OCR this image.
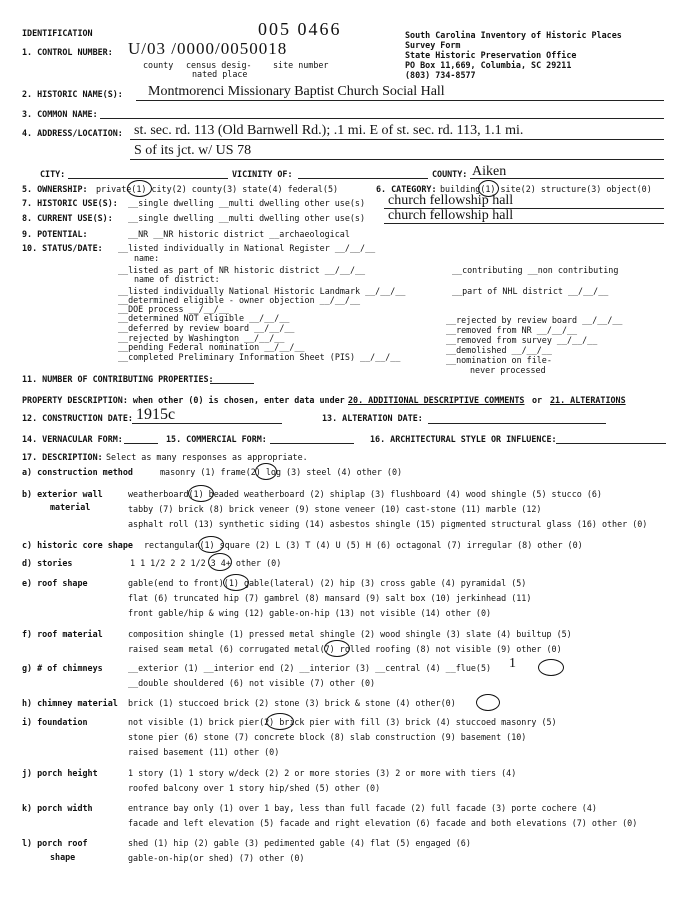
IDENTIFICATION	005 0466	South Carolina Inventory of Historic Places
Survey Form
State Historic Preservation Office
PO Box 11,669, Columbia, SC 29211
(803) 734-8577
1. CONTROL NUMBER: U/03 /0000/0050018
county census desig-
nated place
site number
2. HISTORIC NAME(S): Montmorenci Missionary Baptist Church Social Hall
3. COMMON NAME:
4. ADDRESS/LOCATION: st. sec. rd. 113 (Old Barnwell Rd.); .1 mi. E of st. sec. rd. 113, 1.1 mi.
S of its jct. w/ US 78
CITY:	VICINITY OF:	COUNTY: Aiken
5. OWNERSHIP: private(1) city(2) county(3) state(4) federal(5)	6. CATEGORY: building(1) site(2) structure(3) object(0)
7. HISTORIC USE(S): __single dwelling __multi dwelling other use(s) church fellowship hall
8. CURRENT USE(S): __single dwelling __multi dwelling other use(s) church fellowship hall
9. POTENTIAL:	__NR __NR historic district __archaeological
10. STATUS/DATE: __listed individually in National Register __/__/__
name:
__listed as part of NR historic district __/__/__
name of district:
__listed individually National Historic Landmark __/__/__
__determined eligible - owner objection __/__/__
__DOE process __/__/__
__determined NOT eligible __/__/__
__deferred by review board __/__/__
__rejected by Washington __/__/__
__pending Federal nomination __/__/__
__completed Preliminary Information Sheet (PIS) __/__/__
__contributing __non contributing
__part of NHL district __/__/__
__rejected by review board __/__/__
__removed from NR __/__/__
__removed from survey __/__/__
__demolished __/__/__
__nomination on file-
never processed
11. NUMBER OF CONTRIBUTING PROPERTIES:
PROPERTY DESCRIPTION: when other (0) is chosen, enter data under 20. ADDITIONAL DESCRIPTIVE COMMENTS or 21. ALTERATIONS
12. CONSTRUCTION DATE: 1915c	13. ALTERATION DATE:
14. VERNACULAR FORM:	15. COMMERCIAL FORM:	16. ARCHITECTURAL STYLE OR INFLUENCE:
17. DESCRIPTION: Select as many responses as appropriate.
a) construction method	masonry (1) frame(2) log (3) steel (4) other (0)
b) exterior wall
material
weatherboard(1) beaded weatherboard (2) shiplap (3) flushboard (4) wood shingle (5) stucco (6)
tabby (7) brick (8) brick veneer (9) stone veneer (10) cast-stone (11) marble (12)
asphalt roll (13) synthetic siding (14) asbestos shingle (15) pigmented structural glass (16) other (0)
c) historic core shape rectangular(1) square (2) L (3) T (4) U (5) H (6) octagonal (7) irregular (8) other (0)
d) stories	1 1 1/2 2 2 1/2 3 4+ other (0)
e) roof shape	gable(end to front)(1) gable(lateral) (2) hip (3) cross gable (4) pyramidal (5)
flat (6) truncated hip (7) gambrel (8) mansard (9) salt box (10) jerkinhead (11)
front gable/hip & wing (12) gable-on-hip (13) not visible (14) other (0)
f) roof material	composition shingle (1) pressed metal shingle (2) wood shingle (3) slate (4) builtup (5)
raised seam metal (6) corrugated metal(7) rolled roofing (8) not visible (9) other (0)
g) # of chimneys	__exterior (1) __interior end (2) __interior (3) __central (4) __flue(5)
__double shouldered (6) not visible (7) other (0)
1
h) chimney material brick (1) stuccoed brick (2) stone (3) brick & stone (4) other(0)
i) foundation	not visible (1) brick pier(2) brick pier with fill (3) brick (4) stuccoed masonry (5)
stone pier (6) stone (7) concrete block (8) slab construction (9) basement (10)
raised basement (11) other (0)
j) porch height	1 story (1) 1 story w/deck (2) 2 or more stories (3) 2 or more with tiers (4)
roofed balcony over 1 story hip/shed (5) other (0)
k) porch width	entrance bay only (1) over 1 bay, less than full facade (2) full facade (3) porte cochere (4)
facade and left elevation (5) facade and right elevation (6) facade and both elevations (7) other (0)
l) porch roof
shape
shed (1) hip (2) gable (3) pedimented gable (4) flat (5) engaged (6)
gable-on-hip(or shed) (7) other (0)
